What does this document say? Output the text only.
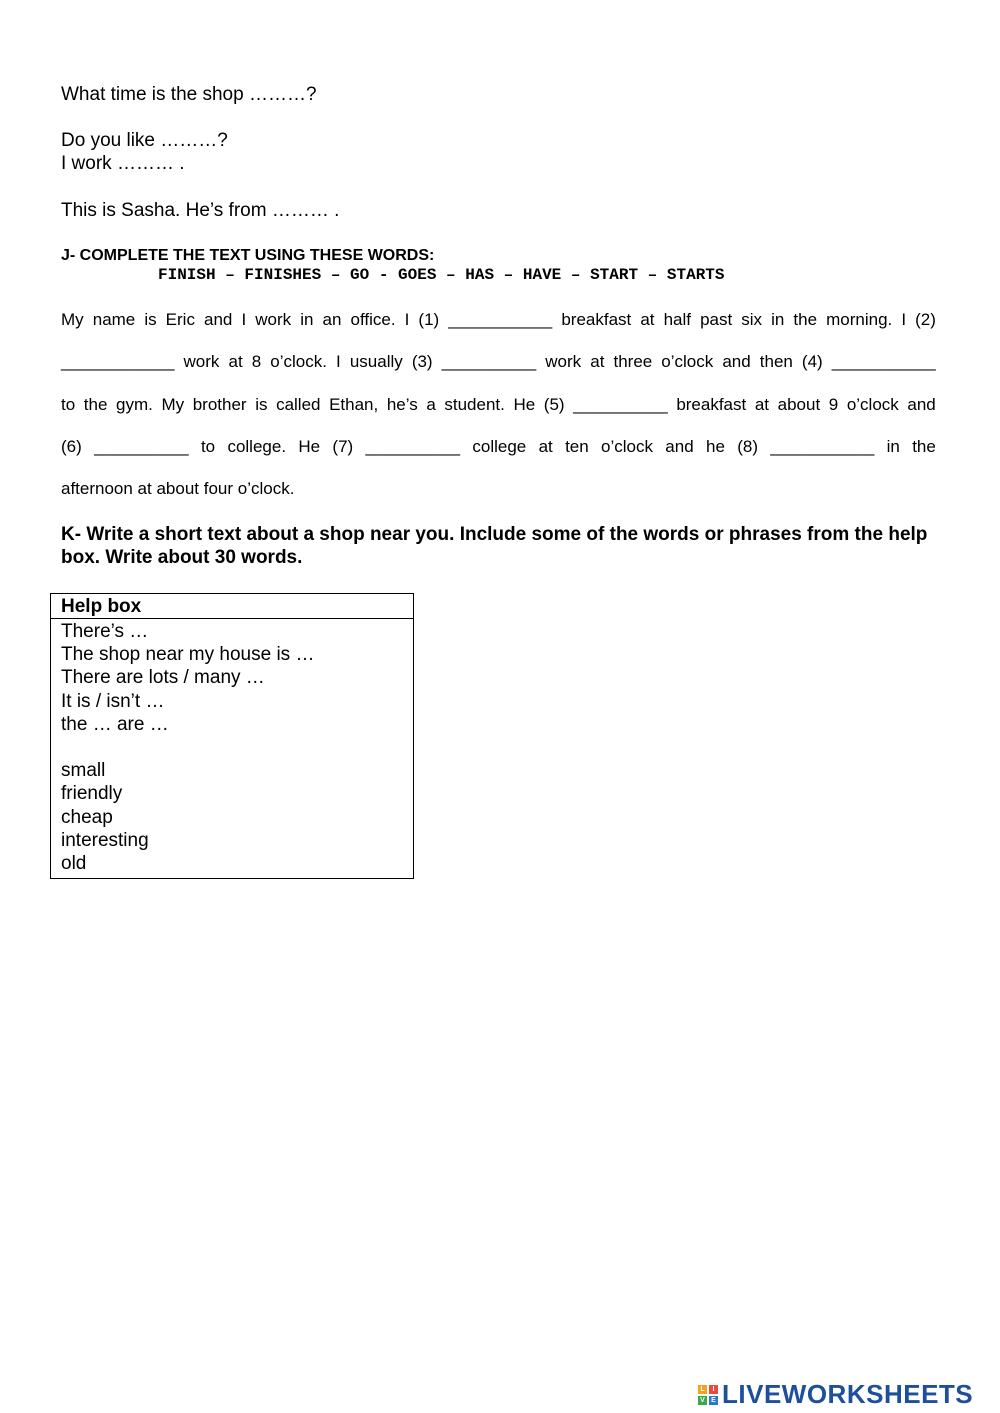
What time is the shop ………?

Do you like ………?

I work ……… .

This is Sasha. He’s from ……… .

J- COMPLETE THE TEXT USING THESE WORDS:

FINISH – FINISHES – GO - GOES – HAS – HAVE – START – STARTS

My name is Eric and I work in an office. I (1) ___________ breakfast at half past six in the morning. I (2)

____________ work at 8 o’clock. I usually (3) __________ work at three o’clock and then (4) ___________

to the gym. My brother is called Ethan, he’s a student. He (5) __________ breakfast at about 9 o’clock and

(6) __________ to college. He (7) __________ college at ten o’clock and he (8) ___________ in the

afternoon at about four o’clock.

K- Write a short text about a shop near you. Include some of the words or phrases from the help box. Write about 30 words.

Help box
There’s …
The shop near my house is …
There are lots / many …
It is / isn’t …
the … are …
small
friendly
cheap
interesting
old
L	I
V E LIVEWORKSHEETS
